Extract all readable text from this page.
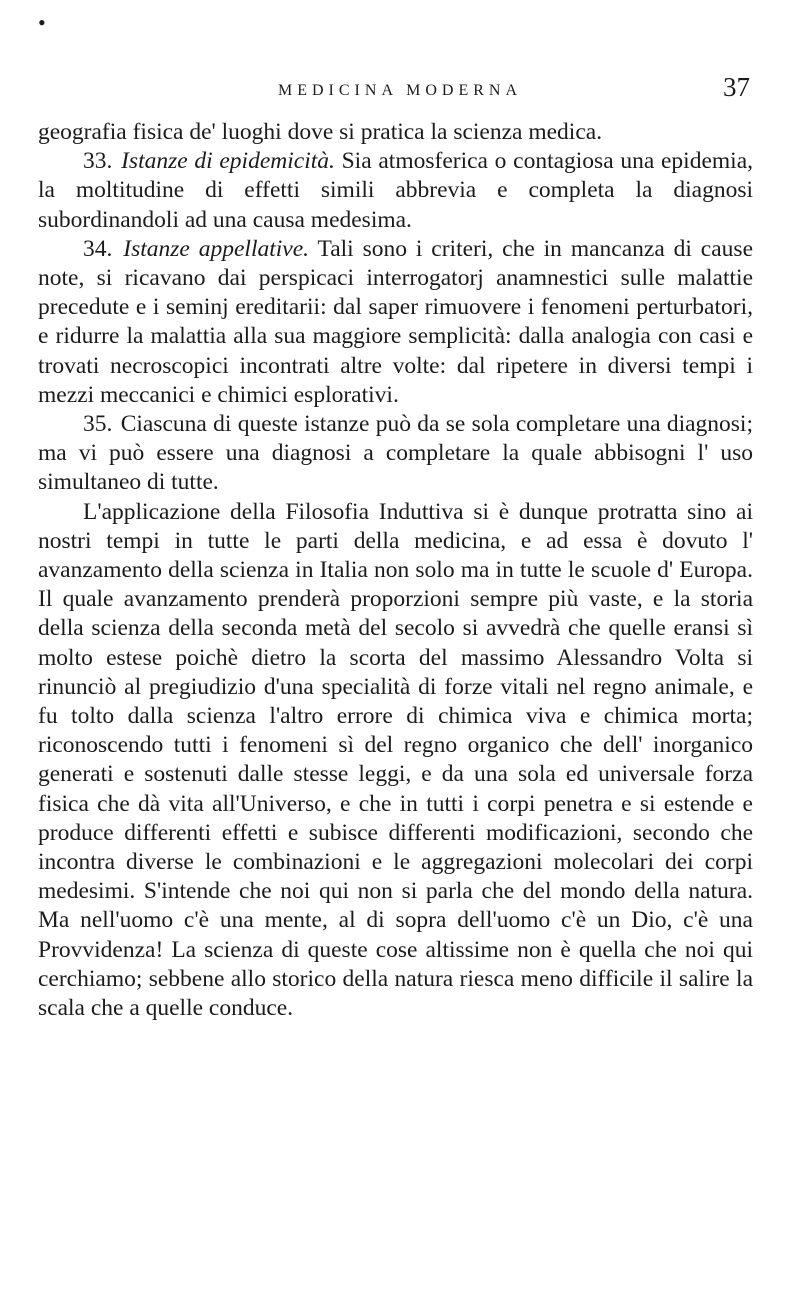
•
MEDICINA MODERNA	37

geografia fisica de' luoghi dove si pratica la scienza medica.

33. Istanze di epidemicità. Sia atmosferica o contagiosa una epidemia, la moltitudine di effetti simili abbrevia e completa la diagnosi subordinandoli ad una causa medesima.

34. Istanze appellative. Tali sono i criteri, che in mancanza di cause note, si ricavano dai perspicaci interrogatorj anamnestici sulle malattie precedute e i seminj ereditarii: dal saper rimuovere i fenomeni perturbatori, e ridurre la malattia alla sua maggiore semplicità: dalla analogia con casi e trovati necroscopici incontrati altre volte: dal ripetere in diversi tempi i mezzi meccanici e chimici esplorativi.

35. Ciascuna di queste istanze può da se sola completare una diagnosi; ma vi può essere una diagnosi a completare la quale abbisogni l' uso simultaneo di tutte.

L'applicazione della Filosofia Induttiva si è dunque protratta sino ai nostri tempi in tutte le parti della medicina, e ad essa è dovuto l' avanzamento della scienza in Italia non solo ma in tutte le scuole d' Europa. Il quale avanzamento prenderà proporzioni sempre più vaste, e la storia della scienza della seconda metà del secolo si avvedrà che quelle eransi sì molto estese poichè dietro la scorta del massimo Alessandro Volta si rinunciò al pregiudizio d'una specialità di forze vitali nel regno animale, e fu tolto dalla scienza l'altro errore di chimica viva e chimica morta; riconoscendo tutti i fenomeni sì del regno organico che dell' inorganico generati e sostenuti dalle stesse leggi, e da una sola ed universale forza fisica che dà vita all'Universo, e che in tutti i corpi penetra e si estende e produce differenti effetti e subisce differenti modificazioni, secondo che incontra diverse le combinazioni e le aggregazioni molecolari dei corpi medesimi. S'intende che noi qui non si parla che del mondo della natura. Ma nell'uomo c'è una mente, al di sopra dell'uomo c'è un Dio, c'è una Provvidenza! La scienza di queste cose altissime non è quella che noi qui cerchiamo; sebbene allo storico della natura riesca meno difficile il salire la scala che a quelle conduce.
